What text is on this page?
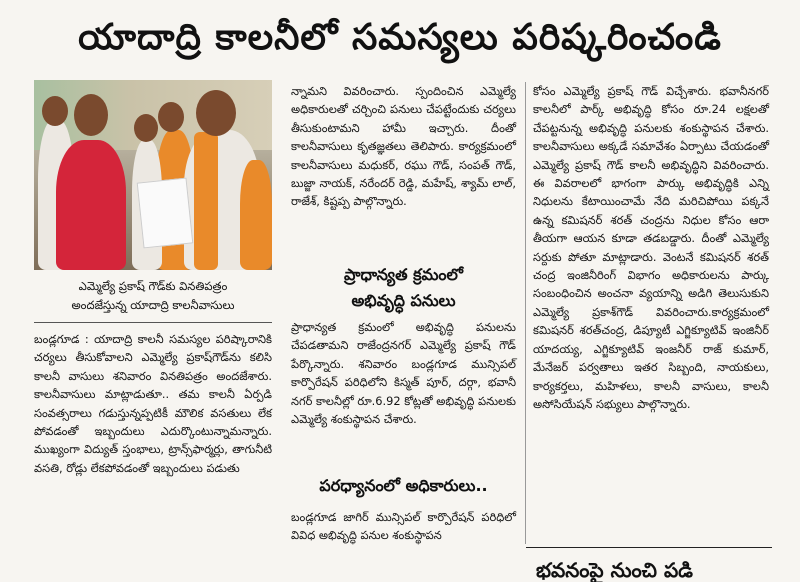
యాదాద్రి కాలనీలో సమస్యలు పరిష్కరించండి
ఎమ్మెల్యే ప్రకాష్ గౌడ్‌కు వినతిపత్రం
అందజేస్తున్న యాదాద్రి కాలనీవాసులు

బండ్లగూడ : యాదాద్రి కాలనీ సమస్యల పరిష్కారానికి చర్యలు తీసుకోవాలని ఎమ్మెల్యే ప్రకాష్‌గౌడ్‌ను కలిసి కాలనీ వాసులు శనివారం వినతిపత్రం అందజేశారు. కాలనీవాసులు మాట్లాడుతూ.. తమ కాలనీ ఏర్పడి సంవత్సరాలు గడుస్తున్నప్పటికీ మౌలిక వసతులు లేక పోవడంతో ఇబ్బందులు ఎదుర్కొంటున్నామన్నారు. ముఖ్యంగా విద్యుత్ స్తంభాలు, ట్రాన్స్‌ఫార్మర్లు, తాగునీటి వసతి, రోడ్లు లేకపోవడంతో ఇబ్బందులు పడుతు

న్నామని వివరించారు. స్పందించిన ఎమ్మెల్యే అధికారులతో చర్చించి పనులు చేపట్టేందుకు చర్యలు తీసుకుంటామని హామీ ఇచ్చారు. దీంతో కాలనీవాసులు కృతజ్ఞతలు తెలిపారు. కార్యక్రమంలో కాలనీవాసులు మధుకర్, రఘు గౌడ్, సంపత్ గౌడ్, బుజ్జా నాయక్, నరేందర్ రెడ్డి, మహేష్, శ్యామ్ లాల్, రాజేశ్, కిష్టప్ప పాల్గొన్నారు.

ప్రాధాన్యత క్రమంలో
అభివృద్ధి పనులు

ప్రాధాన్యత క్రమంలో అభివృద్ధి పనులను చేపడతామని రాజేంద్రనగర్ ఎమ్మెల్యే ప్రకాష్ గౌడ్ పేర్కొన్నారు. శనివారం బండ్లగూడ మున్సిపల్ కార్పొరేషన్ పరిధిలోని కిస్మత్ పూర్, దర్గా, భవానీ నగర్ కాలనీల్లో రూ.6.92 కోట్లతో అభివృద్ధి పనులకు ఎమ్మెల్యే శంకుస్థాపన చేశారు.

పరధ్యానంలో అధికారులు..

బండ్లగూడ జాగిర్ మున్సిపల్ కార్పొరేషన్ పరిధిలో వివిధ అభివృద్ధి పనుల శంకుస్థాపన

కోసం ఎమ్మెల్యే ప్రకాష్ గౌడ్ విచ్చేశారు. భవానీనగర్ కాలనీలో పార్క్ అభివృద్ధి కోసం రూ.24 లక్షలతో చేపట్టనున్న అభివృద్ధి పనులకు శంకుస్థాపన చేశారు. కాలనీవాసులు అక్కడే సమావేశం ఏర్పాటు చేయడంతో ఎమ్మెల్యే ప్రకాష్ గౌడ్ కాలనీ అభివృద్ధిని వివరించారు. ఈ వివరాలలో భాగంగా పార్కు అభివృద్ధికి ఎన్ని నిధులను కేటాయించామే నేది మరిచిపోయి పక్కనే ఉన్న కమిషనర్ శరత్ చంద్రను నిధుల కోసం ఆరా తీయగా ఆయన కూడా తడబడ్డారు. దీంతో ఎమ్మెల్యే సర్దుకు పోతూ మాట్లాడారు. వెంటనే కమిషనర్ శరత్ చంద్ర ఇంజినీరింగ్ విభాగం అధికారులను పార్కు సంబంధించిన అంచనా వ్యయాన్ని అడిగి తెలుసుకుని ఎమ్మెల్యే ప్రకాశ్‌గౌడ్ వివరించారు.కార్యక్రమంలో కమిషనర్ శరత్‌చంద్ర, డిప్యూటీ ఎగ్జిక్యూటివ్ ఇంజినీర్ యాదయ్య, ఎగ్జిక్యూటివ్ ఇంజనీర్ రాజ్ కుమార్, మేనేజర్ పర్వతాలు ఇతర సిబ్బంది, నాయకులు, కార్యకర్తలు, మహిళలు, కాలనీ వాసులు, కాలనీ అసోసియేషన్ సభ్యులు పాల్గొన్నారు.

భవనంపై నుంచి పడి
